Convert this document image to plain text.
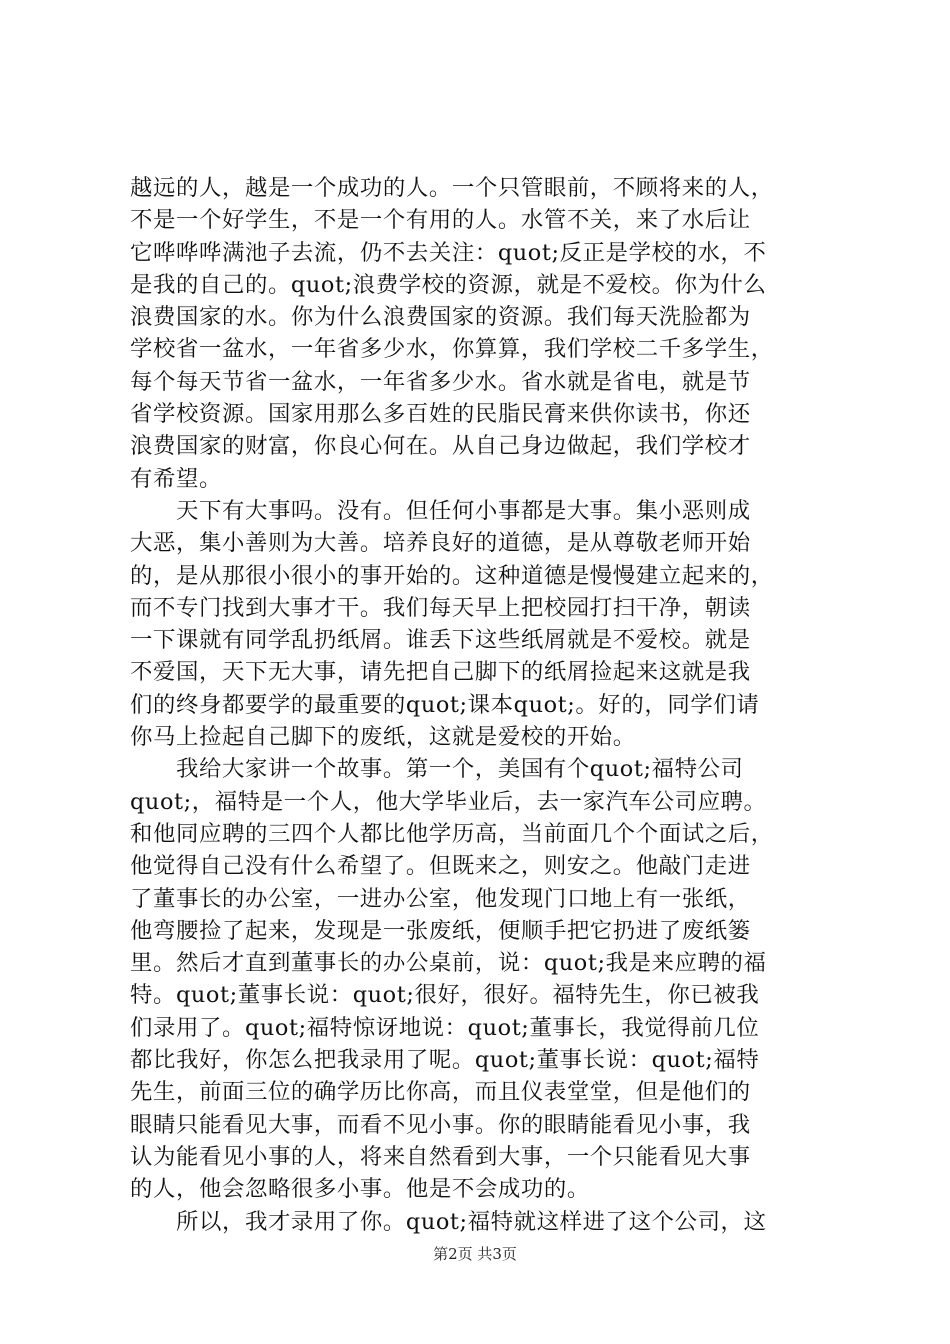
越远的人，越是一个成功的人。一个只管眼前，不顾将来的人，
不是一个好学生，不是一个有用的人。水管不关，来了水后让
它哗哗哗满池子去流，仍不去关注：quot;反正是学校的水，不
是我的自己的。quot;浪费学校的资源，就是不爱校。你为什么
浪费国家的水。你为什么浪费国家的资源。我们每天洗脸都为
学校省一盆水，一年省多少水，你算算，我们学校二千多学生，
每个每天节省一盆水，一年省多少水。省水就是省电，就是节
省学校资源。国家用那么多百姓的民脂民膏来供你读书，你还
浪费国家的财富，你良心何在。从自己身边做起，我们学校才
有希望。
　　天下有大事吗。没有。但任何小事都是大事。集小恶则成
大恶，集小善则为大善。培养良好的道德，是从尊敬老师开始
的，是从那很小很小的事开始的。这种道德是慢慢建立起来的，
而不专门找到大事才干。我们每天早上把校园打扫干净，朝读
一下课就有同学乱扔纸屑。谁丢下这些纸屑就是不爱校。就是
不爱国，天下无大事，请先把自己脚下的纸屑捡起来这就是我
们的终身都要学的最重要的quot;课本quot;。好的，同学们请
你马上捡起自己脚下的废纸，这就是爱校的开始。
　　我给大家讲一个故事。第一个，美国有个quot;福特公司
quot;，福特是一个人，他大学毕业后，去一家汽车公司应聘。
和他同应聘的三四个人都比他学历高，当前面几个个面试之后，
他觉得自己没有什么希望了。但既来之，则安之。他敲门走进
了董事长的办公室，一进办公室，他发现门口地上有一张纸，
他弯腰捡了起来，发现是一张废纸，便顺手把它扔进了废纸篓
里。然后才直到董事长的办公桌前，说：quot;我是来应聘的福
特。quot;董事长说：quot;很好，很好。福特先生，你已被我
们录用了。quot;福特惊讶地说：quot;董事长，我觉得前几位
都比我好，你怎么把我录用了呢。quot;董事长说：quot;福特
先生，前面三位的确学历比你高，而且仪表堂堂，但是他们的
眼睛只能看见大事，而看不见小事。你的眼睛能看见小事，我
认为能看见小事的人，将来自然看到大事，一个只能看见大事
的人，他会忽略很多小事。他是不会成功的。
　　所以，我才录用了你。quot;福特就这样进了这个公司，这
第2页 共3页
